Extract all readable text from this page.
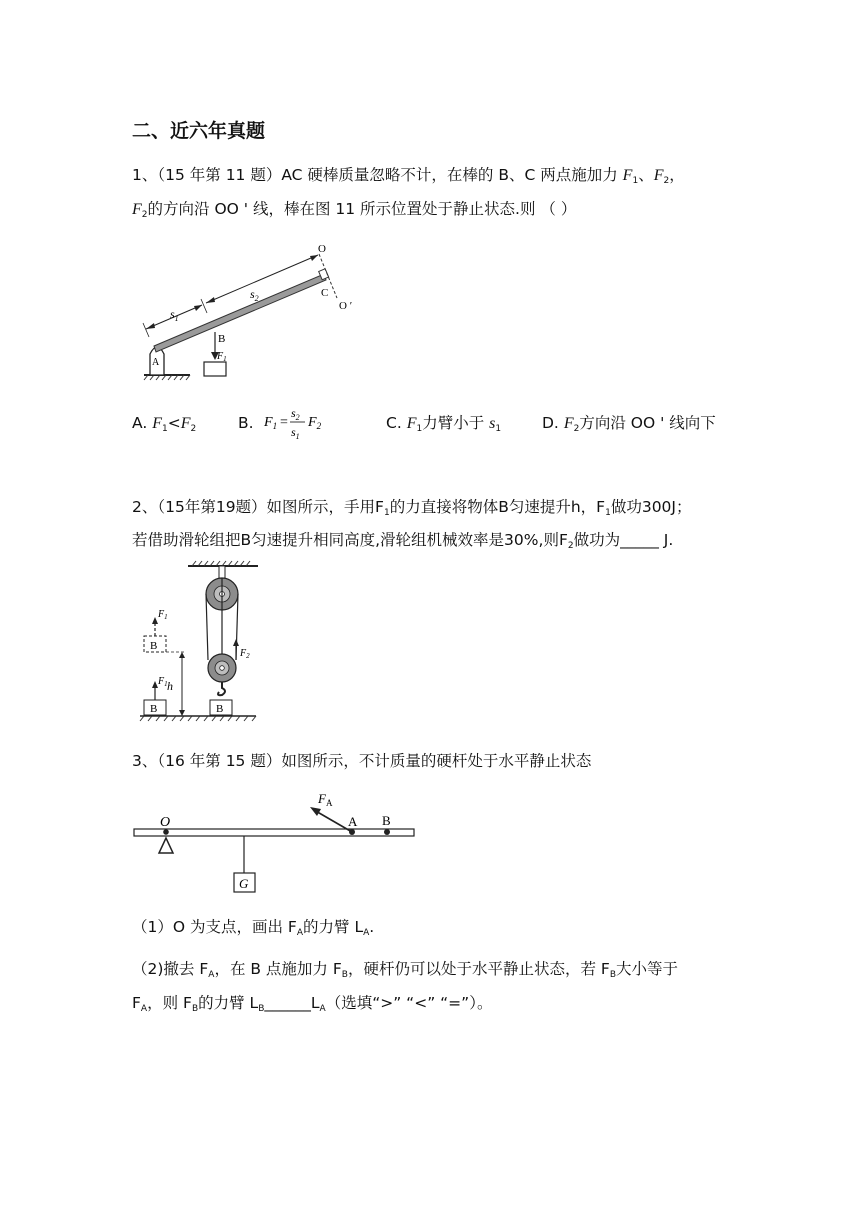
二、近六年真题
1、（15 年第 11 题）AC 硬棒质量忽略不计，在棒的 B、C 两点施加力 $F_1$、$F_2$，
$F_2$的方向沿 OO ' 线，棒在图 11 所示位置处于静止状态.则 （ ）
O
C
O ′
$s_1$
$s_2$
B
A
$F_1$
A. $F_1<F_2$	B. $F_1$ =
$s_2$
$s_1$
$F_2$	C. $F_1$力臂小于 $s_1$	D. $F_2$方向沿 OO ' 线向下
2、（15年第19题）如图所示，手用$F_1$的力直接将物体B匀速提升h，$F_1$做功300J；
若借助滑轮组把B匀速提升相同高度,滑轮组机械效率是30%,则$F_2$做功为_____ J.
$F_1$
B
$F_1$
B
h
B
$F_2$
3、（16 年第 15 题）如图所示，不计质量的硬杆处于水平静止状态
O
$F_A$
A B
G
（1）O 为支点，画出 $F_A$的力臂 $L_A$.
（2)撤去 $F_A$，在 B 点施加力 $F_B$，硬杆仍可以处于水平静止状态，若 $F_B$大小等于
$F_A$，则 $F_B$的力臂 $L_B\_\_\_\_\_\_L_A$（选填“>” “<” “=”）。
